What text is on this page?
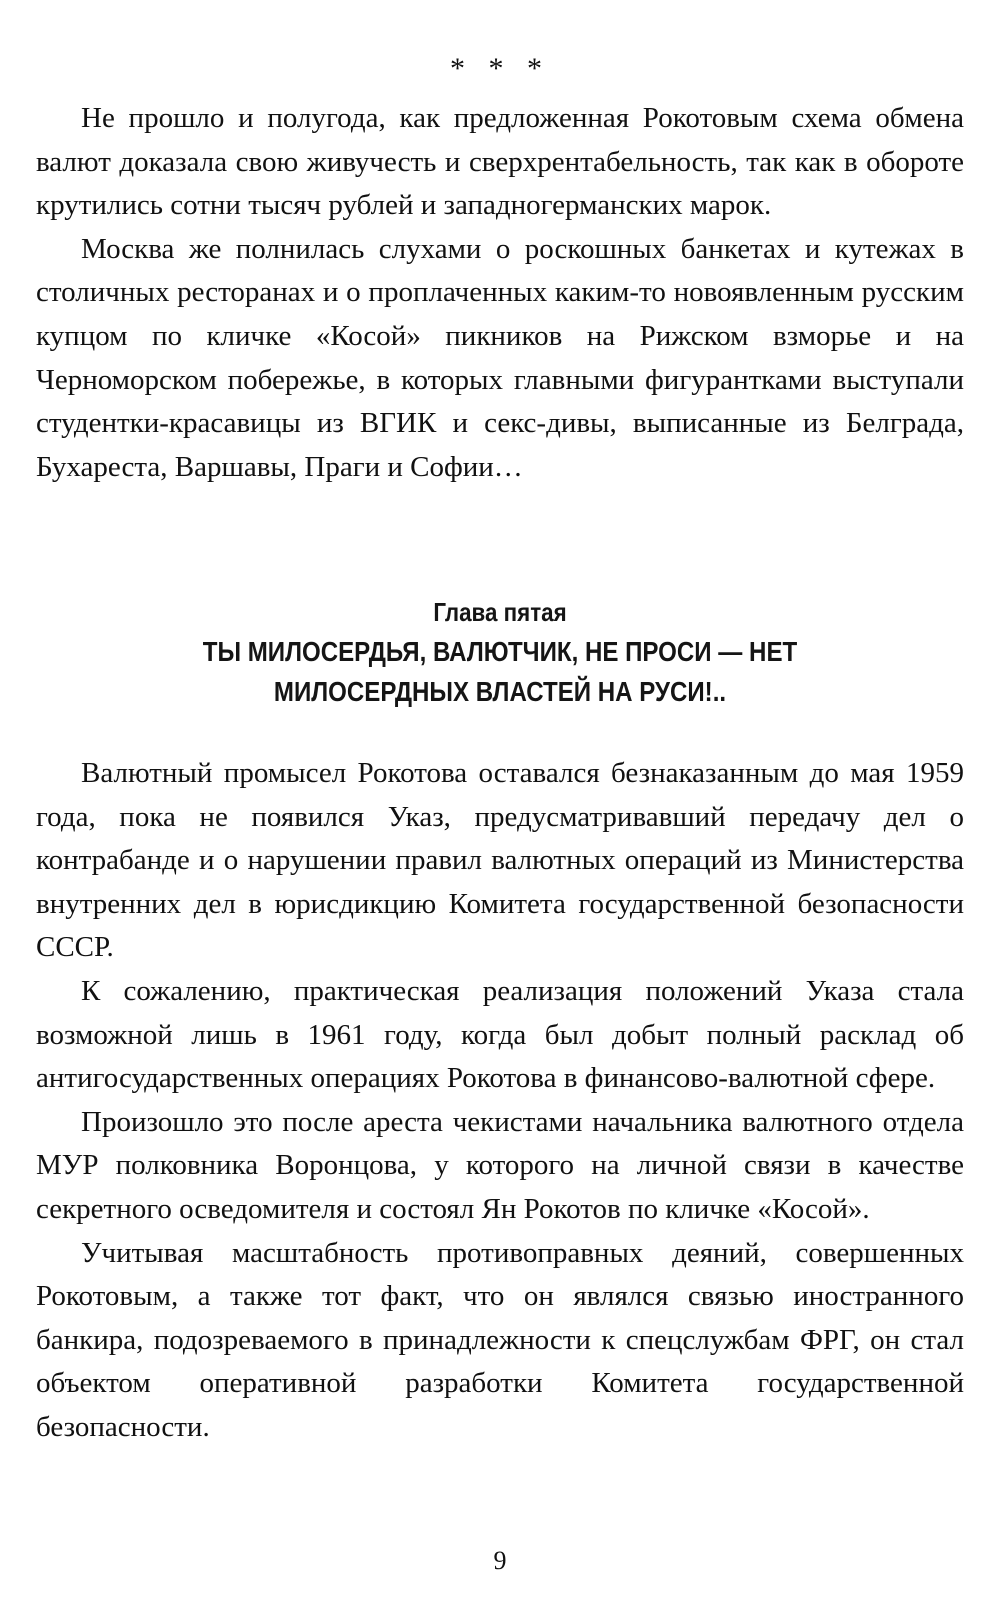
* * *

Не прошло и полугода, как предложенная Рокотовым схема обмена валют доказала свою живучесть и сверхрентабельность, так как в обороте крутились сотни тысяч рублей и западногерманских марок.

Москва же полнилась слухами о роскошных банкетах и кутежах в столичных ресторанах и о проплаченных каким-то новоявленным русским купцом по кличке «Косой» пикников на Рижском взморье и на Черноморском побережье, в которых главными фигурантками выступали студентки-красавицы из ВГИК и секс-дивы, выписанные из Белграда, Бухареста, Варшавы, Праги и Софии…

Глава пятая
ТЫ МИЛОСЕРДЬЯ, ВАЛЮТЧИК, НЕ ПРОСИ — НЕТ МИЛОСЕРДНЫХ ВЛАСТЕЙ НА РУСИ!..

Валютный промысел Рокотова оставался безнаказанным до мая 1959 года, пока не появился Указ, предусматривавший передачу дел о контрабанде и о нарушении правил валютных операций из Министерства внутренних дел в юрисдикцию Комитета государственной безопасности СССР.

К сожалению, практическая реализация положений Указа стала возможной лишь в 1961 году, когда был добыт полный расклад об антигосударственных операциях Рокотова в финансово-валютной сфере.

Произошло это после ареста чекистами начальника валютного отдела МУР полковника Воронцова, у которого на личной связи в качестве секретного осведомителя и состоял Ян Рокотов по кличке «Косой».

Учитывая масштабность противоправных деяний, совершенных Рокотовым, а также тот факт, что он являлся связью иностранного банкира, подозреваемого в принадлежности к спецслужбам ФРГ, он стал объектом оперативной разработки Комитета государственной безопасности.

9
